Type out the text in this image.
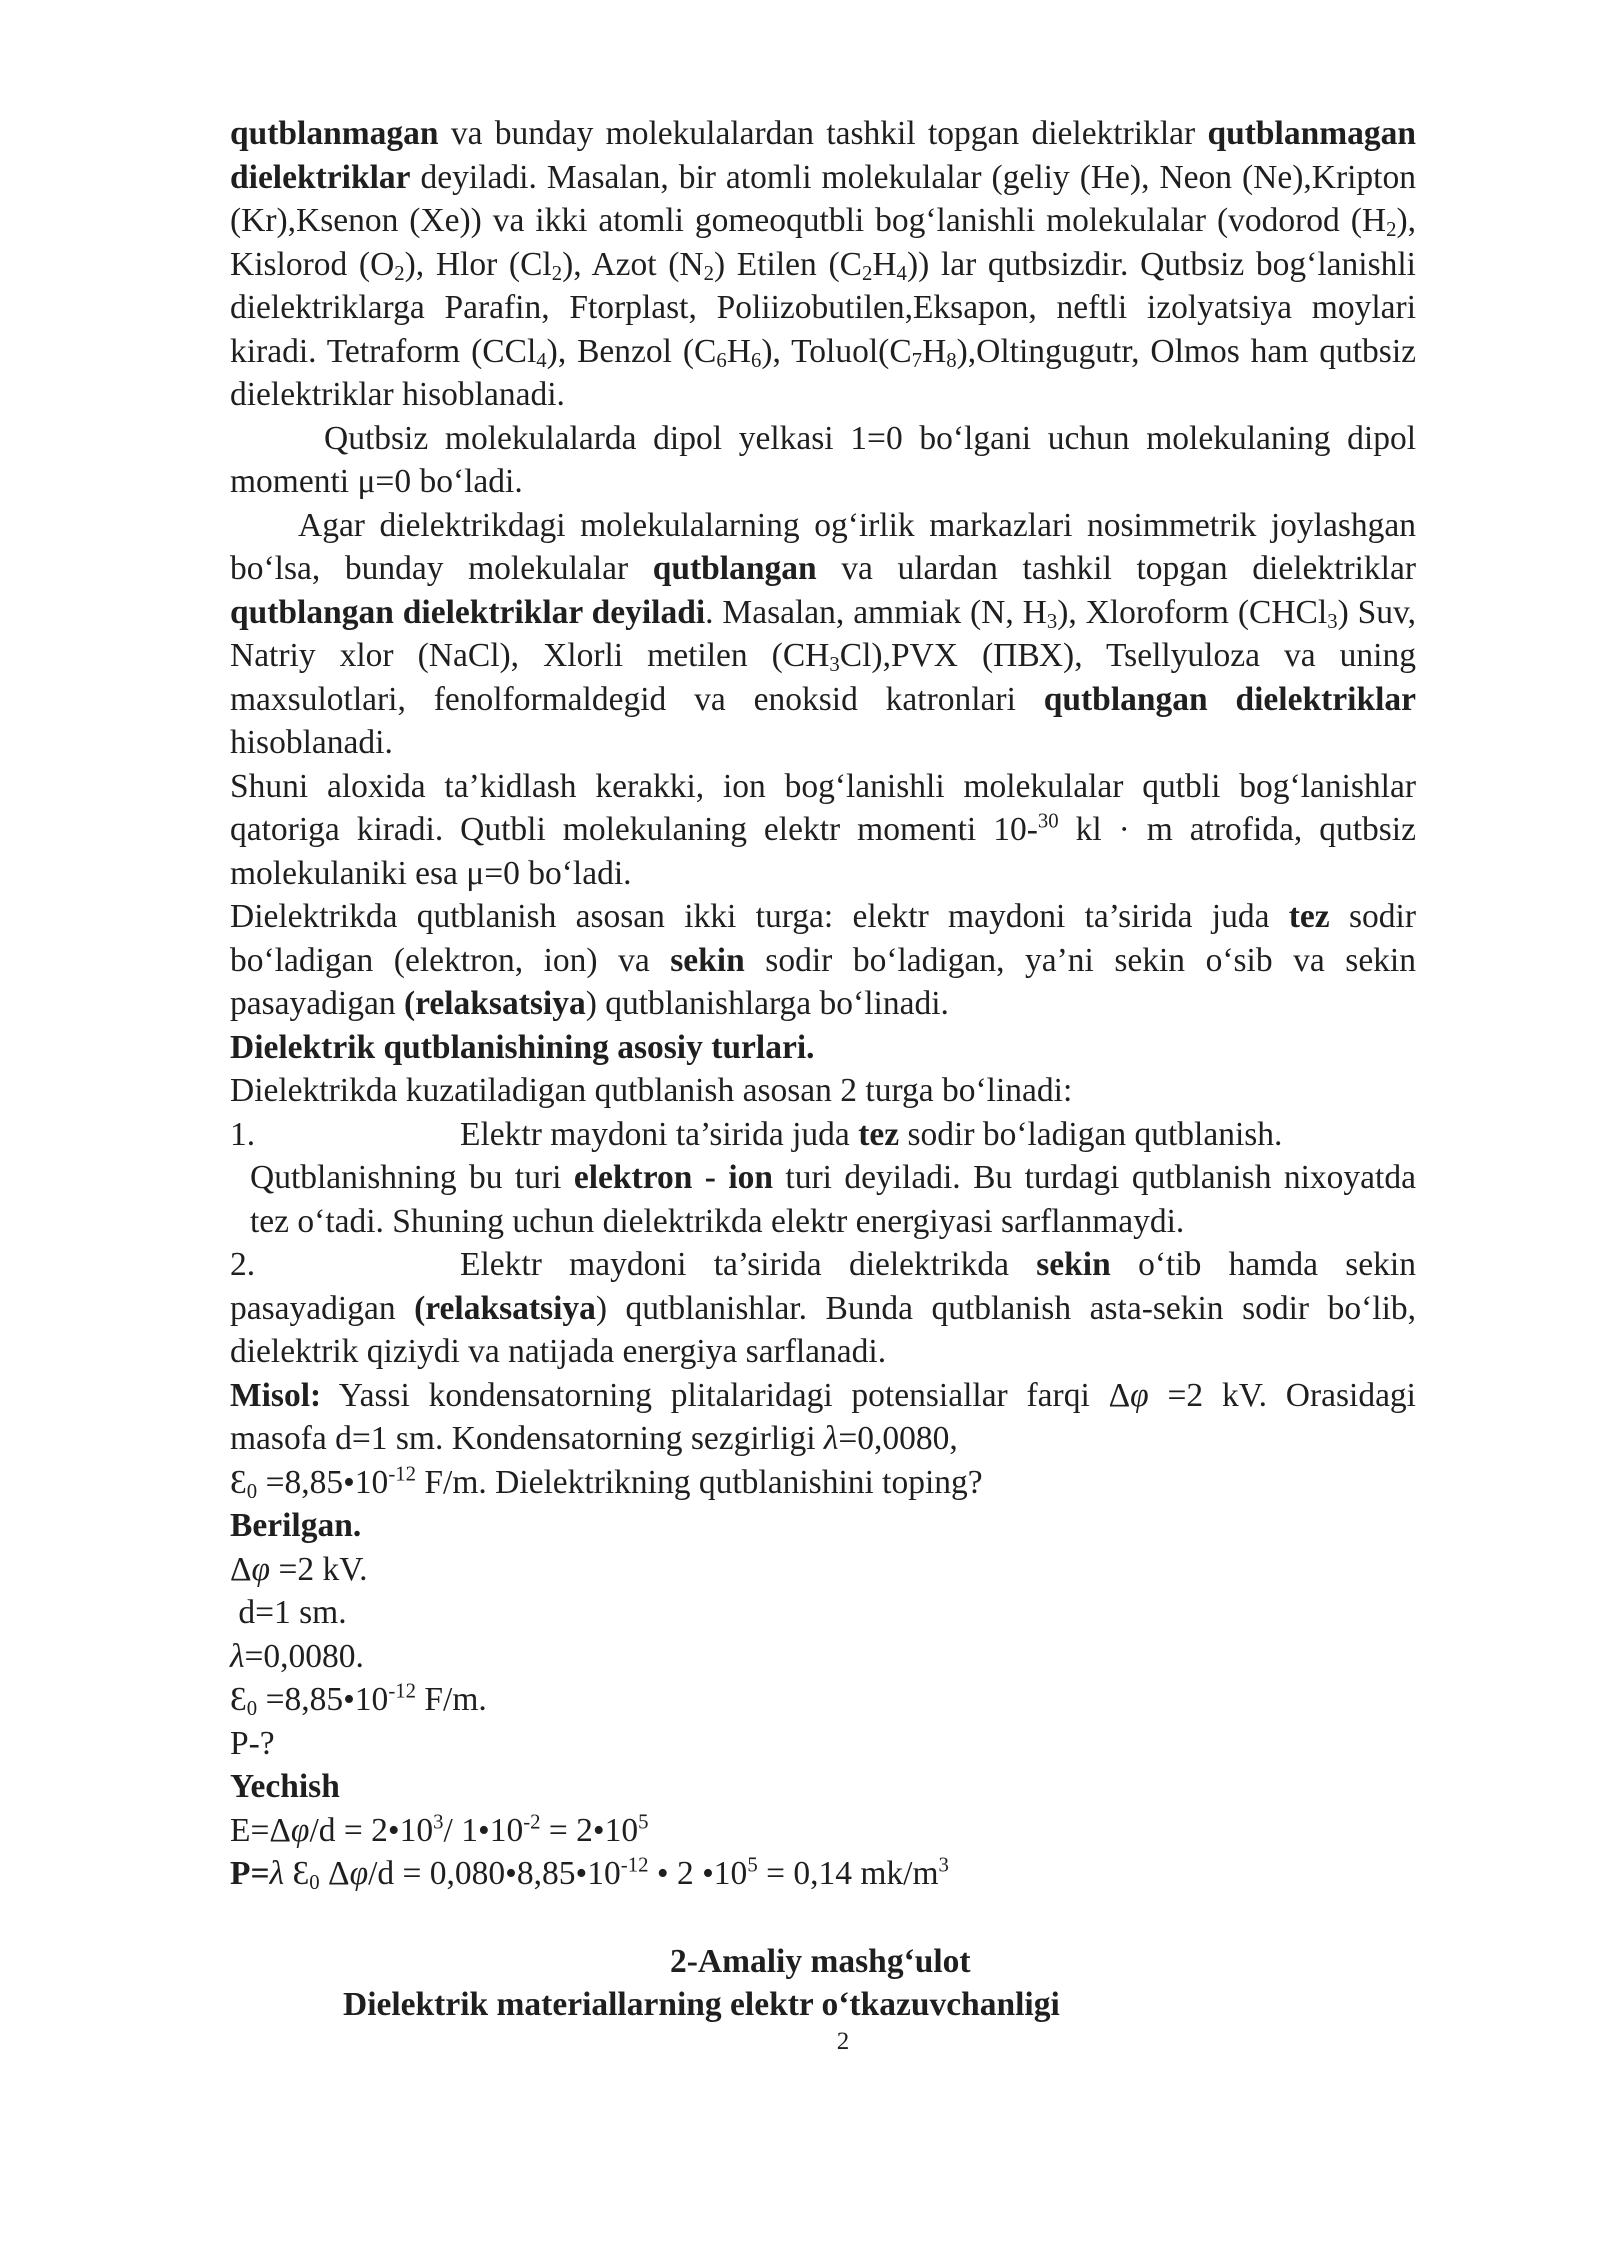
qutblanmagan va bunday molekulalardan tashkil topgan dielektriklar qutblanmagan dielektriklar deyiladi. Masalan, bir atomli molekulalar (geliy (He), Neon (Ne),Kripton (Kr),Ksenon (Xe)) va ikki atomli gomeoqutbli bog‘lanishli molekulalar (vodorod $(H_2)$, Kislorod $(O_2)$, Hlor $(Cl_2)$, Azot $(N_2)$ Etilen $(C_2H_4)$) lar qutbsizdir. Qutbsiz bog‘lanishli dielektriklarga Parafin, Ftorplast, Poliizobutilen,Eksapon, neftli izolyatsiya moylari kiradi. Tetraform (CCl$_4$), Benzol $(C_6H_6)$, $Toluol(C_7H_8),Oltingugutr$, Olmos ham qutbsiz dielektriklar hisoblanadi.

Qutbsiz molekulalarda dipol yelkasi 1=0 bo‘lgani uchun molekulaning dipol momenti μ=0 bo‘ladi.

Agar dielektrikdagi molekulalarning og‘irlik markazlari nosimmetrik joylashgan bo‘lsa, bunday molekulalar qutblangan va ulardan tashkil topgan dielektriklar qutblangan dielektriklar deyiladi. Masalan, ammiak (N, $H_3$), Xloroform (CHCl$_3$) Suv, Natriy xlor (NaCl), Xlorli metilen $(CH_3Cl),PVX$ (ПВХ), Tsellyuloza va uning maxsulotlari, fenolformaldegid va enoksid katronlari qutblangan dielektriklar hisoblanadi.

Shuni aloxida ta’kidlash kerakki, ion bog‘lanishli molekulalar qutbli bog‘lanishlar qatoriga kiradi. Qutbli molekulaning elektr momenti 10-$^{30}$ kl · m atrofida, qutbsiz molekulaniki esa μ=0 bo‘ladi.

Dielektrikda qutblanish asosan ikki turga: elektr maydoni ta’sirida juda tez sodir bo‘ladigan (elektron, ion) va sekin sodir bo‘ladigan, ya’ni sekin o‘sib va sekin pasayadigan (relaksatsiya) qutblanishlarga bo‘linadi.

Dielektrik qutblanishining asosiy turlari.

Dielektrikda kuzatiladigan qutblanish asosan 2 turga bo‘linadi:

1.	Elektr maydoni ta’sirida juda tez sodir bo‘ladigan qutblanish.

Qutblanishning bu turi elektron - ion turi deyiladi. Bu turdagi qutblanish nixoyatda tez o‘tadi. Shuning uchun dielektrikda elektr energiyasi sarflanmaydi.

2.	Elektr maydoni ta’sirida dielektrikda sekin o‘tib hamda sekin pasayadigan (relaksatsiya) qutblanishlar. Bunda qutblanish asta-sekin sodir bo‘lib, dielektrik qiziydi va natijada energiya sarflanadi.

Misol: Yassi kondensatorning plitalaridagi potensiallar farqi Δφ =2 kV. Orasidagi masofa d=1 sm. Kondensatorning sezgirligi λ=0,0080,

$Ɛ_0$ $=8,85•10^{-12}$ F/m. Dielektrikning qutblanishini toping?

Berilgan.

Δφ =2 kV.

d=1 sm.

λ=0,0080.

$Ɛ_0$ $=8,85•10^{-12}$ F/m.

P-?

Yechish

$E=\Delta\varphi/d = 2•10^3/$ $1•10^{-2}$ = $2•10^5$

P=λ $Ɛ_0$ $\Delta\varphi/d = 0,080•8,85•10^{-12}$ • 2 $•10^5 = 0,14$ $mk/m^3$

2-Amaliy mashg‘ulot

Dielektrik materiallarning elektr o‘tkazuvchanligi

2
